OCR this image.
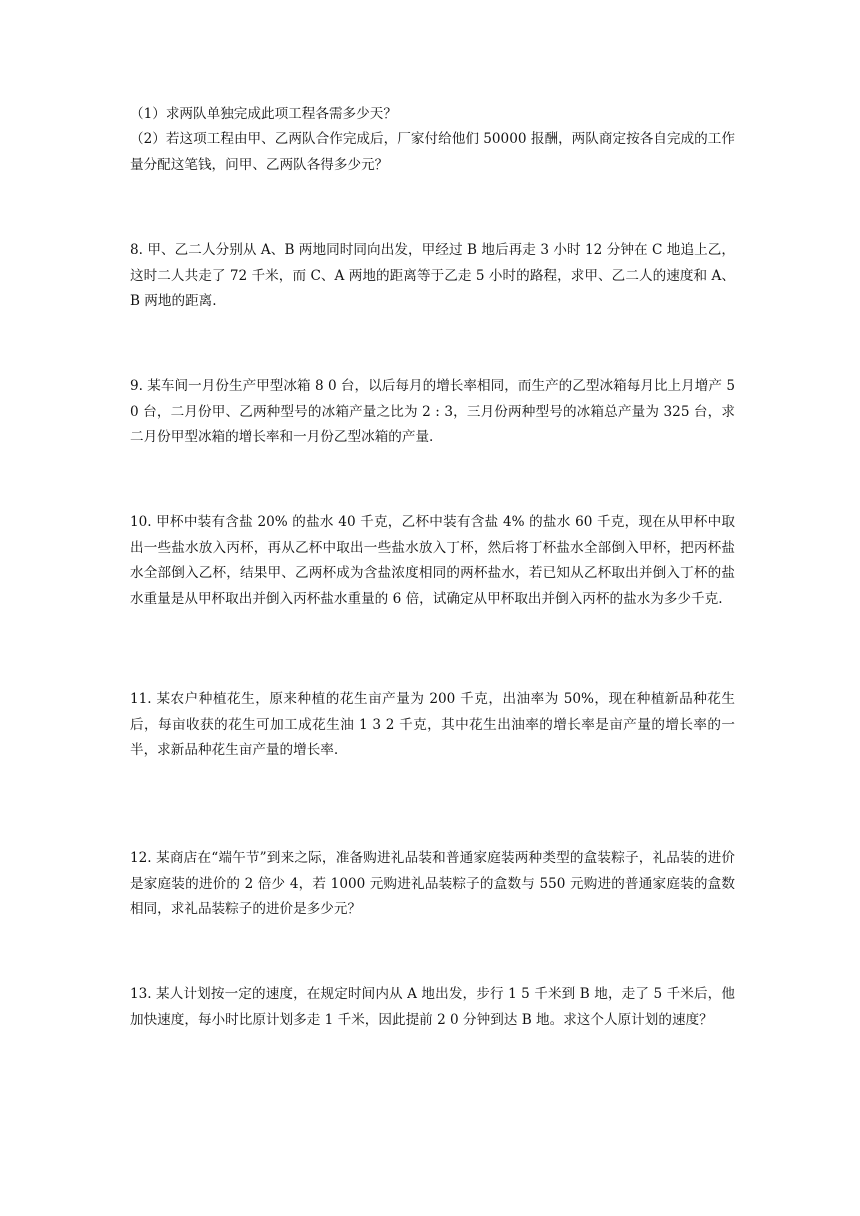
（1）求两队单独完成此项工程各需多少天？

（2）若这项工程由甲、乙两队合作完成后，厂家付给他们 50000 报酬，两队商定按各自完成的工作量分配这笔钱，问甲、乙两队各得多少元？

8. 甲、乙二人分别从 A、B 两地同时同向出发，甲经过 B 地后再走 3 小时 12 分钟在 C 地追上乙，这时二人共走了 72 千米，而 C、A 两地的距离等于乙走 5 小时的路程，求甲、乙二人的速度和 A、B 两地的距离.

9. 某车间一月份生产甲型冰箱 8 0 台，以后每月的增长率相同，而生产的乙型冰箱每月比上月增产 50 台，二月份甲、乙两种型号的冰箱产量之比为 2 : 3，三月份两种型号的冰箱总产量为 325 台，求二月份甲型冰箱的增长率和一月份乙型冰箱的产量.

10. 甲杯中装有含盐 20% 的盐水 40 千克，乙杯中装有含盐 4% 的盐水 60 千克，现在从甲杯中取出一些盐水放入丙杯，再从乙杯中取出一些盐水放入丁杯，然后将丁杯盐水全部倒入甲杯，把丙杯盐水全部倒入乙杯，结果甲、乙两杯成为含盐浓度相同的两杯盐水，若已知从乙杯取出并倒入丁杯的盐水重量是从甲杯取出并倒入丙杯盐水重量的 6 倍，试确定从甲杯取出并倒入丙杯的盐水为多少千克.

11. 某农户种植花生，原来种植的花生亩产量为 200 千克，出油率为 50%，现在种植新品种花生后，每亩收获的花生可加工成花生油 1 3 2 千克，其中花生出油率的增长率是亩产量的增长率的一半，求新品种花生亩产量的增长率.

12. 某商店在“端午节”到来之际，准备购进礼品装和普通家庭装两种类型的盒装粽子，礼品装的进价是家庭装的进价的 2 倍少 4，若 1000 元购进礼品装粽子的盒数与 550 元购进的普通家庭装的盒数相同，求礼品装粽子的进价是多少元？

13. 某人计划按一定的速度，在规定时间内从 A 地出发，步行 1 5 千米到 B 地，走了 5 千米后，他加快速度，每小时比原计划多走 1 千米，因此提前 2 0 分钟到达 B 地。求这个人原计划的速度？
